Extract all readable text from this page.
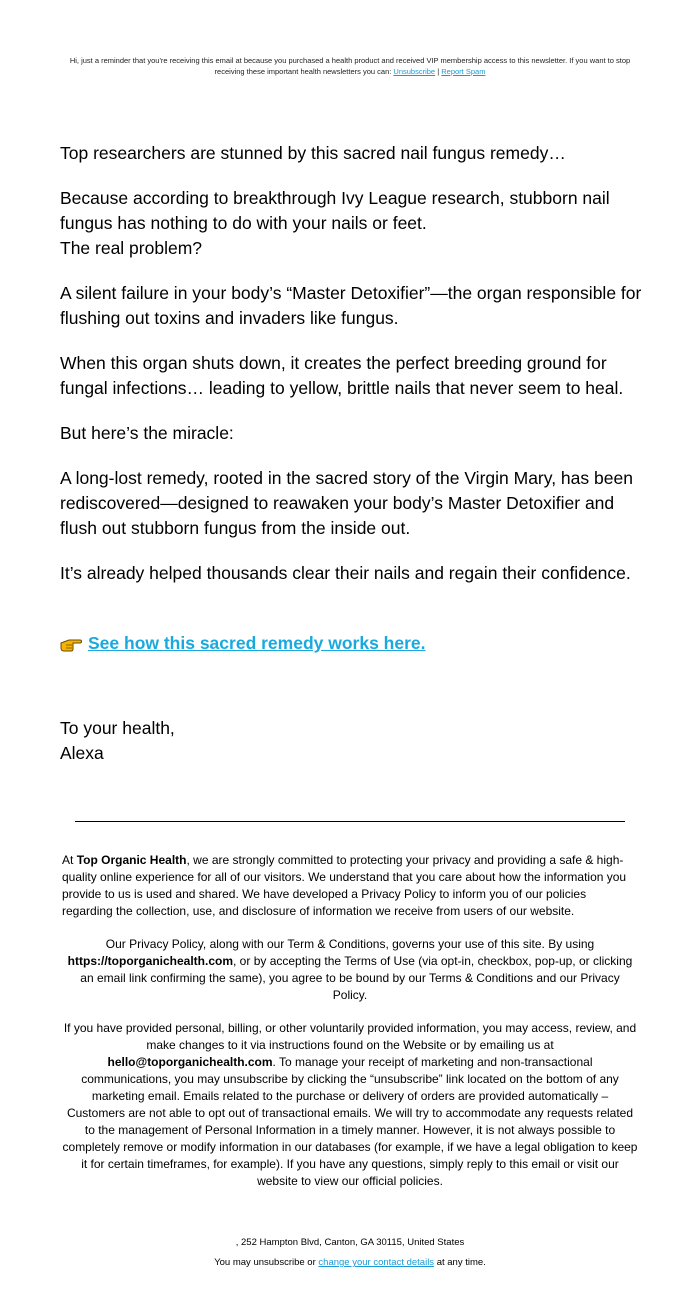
Hi, just a reminder that you're receiving this email at because you purchased a health product and received VIP membership access to this newsletter. If you want to stop receiving these important health newsletters you can: Unsubscribe | Report Spam

Top researchers are stunned by this sacred nail fungus remedy…

Because according to breakthrough Ivy League research, stubborn nail fungus has nothing to do with your nails or feet.
The real problem?

A silent failure in your body’s “Master Detoxifier”—the organ responsible for flushing out toxins and invaders like fungus.

When this organ shuts down, it creates the perfect breeding ground for fungal infections… leading to yellow, brittle nails that never seem to heal.

But here’s the miracle:

A long-lost remedy, rooted in the sacred story of the Virgin Mary, has been rediscovered—designed to reawaken your body’s Master Detoxifier and flush out stubborn fungus from the inside out.

It’s already helped thousands clear their nails and regain their confidence.

See how this sacred remedy works here.

To your health,
Alexa

At Top Organic Health, we are strongly committed to protecting your privacy and providing a safe & high-quality online experience for all of our visitors. We understand that you care about how the information you provide to us is used and shared. We have developed a Privacy Policy to inform you of our policies regarding the collection, use, and disclosure of information we receive from users of our website.
Our Privacy Policy, along with our Term & Conditions, governs your use of this site. By using https://toporganichealth.com, or by accepting the Terms of Use (via opt-in, checkbox, pop-up, or clicking an email link confirming the same), you agree to be bound by our Terms & Conditions and our Privacy Policy.
If you have provided personal, billing, or other voluntarily provided information, you may access, review, and make changes to it via instructions found on the Website or by emailing us at hello@toporganichealth.com. To manage your receipt of marketing and non-transactional communications, you may unsubscribe by clicking the “unsubscribe” link located on the bottom of any marketing email. Emails related to the purchase or delivery of orders are provided automatically – Customers are not able to opt out of transactional emails. We will try to accommodate any requests related to the management of Personal Information in a timely manner. However, it is not always possible to completely remove or modify information in our databases (for example, if we have a legal obligation to keep it for certain timeframes, for example). If you have any questions, simply reply to this email or visit our website to view our official policies.
, 252 Hampton Blvd, Canton, GA 30115, United States
You may unsubscribe or change your contact details at any time.
